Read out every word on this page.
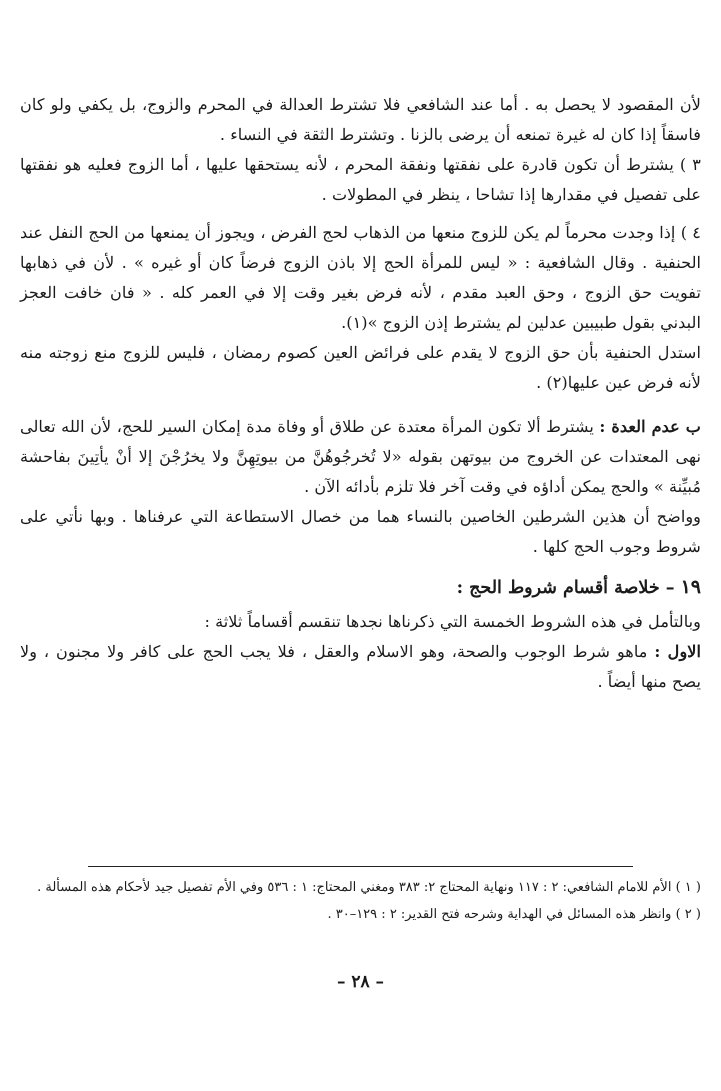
لأن المقصود لا يحصل به . أما عند الشافعي فلا تشترط العدالة في المحرم والزوج، بل يكفي ولو كان فاسقاً إذا كان له غيرة تمنعه أن يرضى بالزنا . وتشترط الثقة في النساء .

٣ ) يشترط أن تكون قادرة على نفقتها ونفقة المحرم ، لأنه يستحقها عليها ، أما الزوج فعليه هو نفقتها على تفصيل في مقدارها إذا تشاحا ، ينظر في المطولات .

٤ ) إذا وجدت محرماً لم يكن للزوج منعها من الذهاب لحج الفرض ، ويجوز أن يمنعها من الحج النفل عند الحنفية . وقال الشافعية : « ليس للمرأة الحج إلا باذن الزوج فرضاً كان أو غيره » . لأن في ذهابها تفويت حق الزوج ، وحق العبد مقدم ، لأنه فرض بغير وقت إلا في العمر كله . « فان خافت العجز البدني بقول طبيبين عدلين لم يشترط إذن الزوج »(١).

استدل الحنفية بأن حق الزوج لا يقدم على فرائض العين كصوم رمضان ، فليس للزوج منع زوجته منه لأنه فرض عين عليها(٢) .

ب عدم العدة : يشترط ألا تكون المرأة معتدة عن طلاق أو وفاة مدة إمكان السير للحج، لأن الله تعالى نهى المعتدات عن الخروج من بيوتهن بقوله «لا تُخرجُوهُنَّ من بيوتِهِنَّ ولا يخرُجْنَ إلا أنْ يأتِينَ بفاحشة مُبيِّنة » والحج يمكن أداؤه في وقت آخر فلا تلزم بأدائه الآن .

وواضح أن هذين الشرطين الخاصين بالنساء هما من خصال الاستطاعة التي عرفناها . وبها نأتي على شروط وجوب الحج كلها .

١٩ – خلاصة أقسام شروط الحج :

وبالتأمل في هذه الشروط الخمسة التي ذكرناها نجدها تنقسم أقساماً ثلاثة :

الاول : ماهو شرط الوجوب والصحة، وهو الاسلام والعقل ، فلا يجب الحج على كافر ولا مجنون ، ولا يصح منها أيضاً .

( ١ ) الأم للامام الشافعي: ٢ : ١١٧ ونهاية المحتاج ٢: ٣٨٣ ومغني المحتاج: ١ : ٥٣٦ وفي الأم تفصيل جيد لأحكام هذه المسألة .

( ٢ ) وانظر هذه المسائل في الهداية وشرحه فتح القدير: ٢ : ١٢٩–٣٠ .

– ٢٨ –
